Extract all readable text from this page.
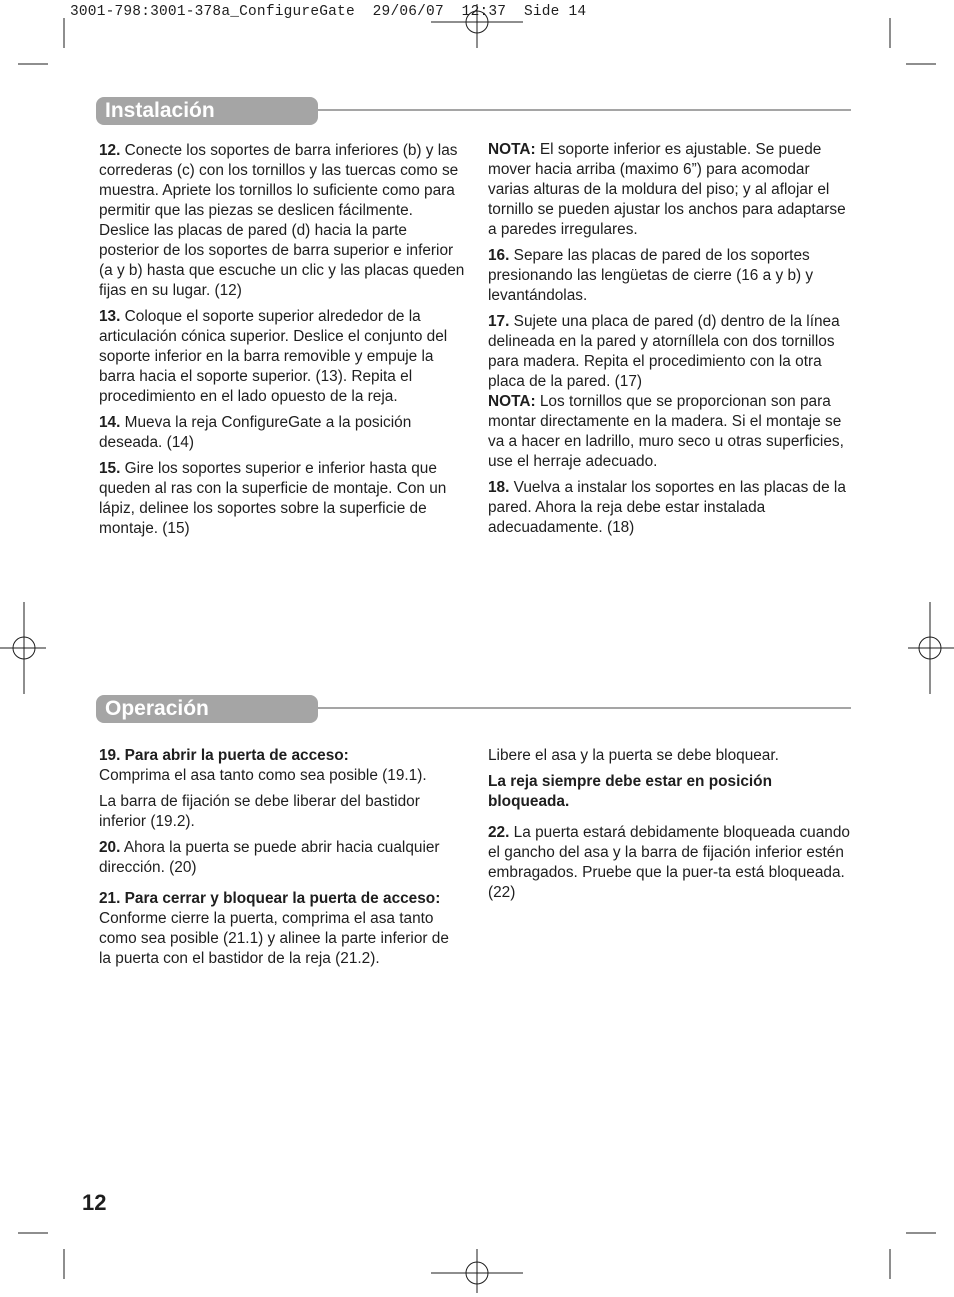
3001-798:3001-378a_ConfigureGate  29/06/07  12:37  Side 14
Instalación

12. Conecte los soportes de barra inferiores (b) y las correderas (c) con los tornillos y las tuercas como se muestra. Apriete los tornillos lo suficiente como para permitir que las piezas se deslicen fácilmente. Deslice las placas de pared (d) hacia la parte posterior de los soportes de barra superior e inferior (a y b) hasta que escuche un clic y las placas queden fijas en su lugar. (12)

13. Coloque el soporte superior alrededor de la articulación cónica superior. Deslice el conjunto del soporte inferior en la barra removible y empuje la barra hacia el soporte superior. (13). Repita el procedimiento en el lado opuesto de la reja.

14. Mueva la reja ConfigureGate a la posición deseada. (14)

15. Gire los soportes superior e inferior hasta que queden al ras con la superficie de montaje. Con un lápiz, delinee los soportes sobre la superficie de montaje. (15)

NOTA: El soporte inferior es ajustable. Se puede mover hacia arriba (maximo 6”) para acomodar varias alturas de la moldura del piso; y al aflojar el tornillo se pueden ajustar los anchos para adaptarse a paredes irregulares.

16. Separe las placas de pared de los soportes presionando las lengüetas de cierre (16 a y b) y levantándolas.

17. Sujete una placa de pared (d) dentro de la línea delineada en la pared y atorníllela con dos tornillos para madera. Repita el procedimiento con la otra placa de la pared. (17)

NOTA: Los tornillos que se proporcionan son para montar directamente en la madera. Si el montaje se va a hacer en ladrillo, muro seco u otras superficies, use el herraje adecuado.

18. Vuelva a instalar los soportes en las placas de la pared. Ahora la reja debe estar instalada adecuadamente. (18)

Operación

19. Para abrir la puerta de acceso:

Comprima el asa tanto como sea posible (19.1).

La barra de fijación se debe liberar del bastidor inferior (19.2).

20. Ahora la puerta se puede abrir hacia cualquier dirección. (20)

21. Para cerrar y bloquear la puerta de acceso:

Conforme cierre la puerta, comprima el asa tanto como sea posible (21.1) y alinee la parte inferior de la puerta con el bastidor de la reja (21.2).

Libere el asa y la puerta se debe bloquear.

La reja siempre debe estar en posición bloqueada.

22. La puerta estará debidamente bloqueada cuando el gancho del asa y la barra de fijación inferior estén embragados. Pruebe que la puer-ta está bloqueada. (22)

12
